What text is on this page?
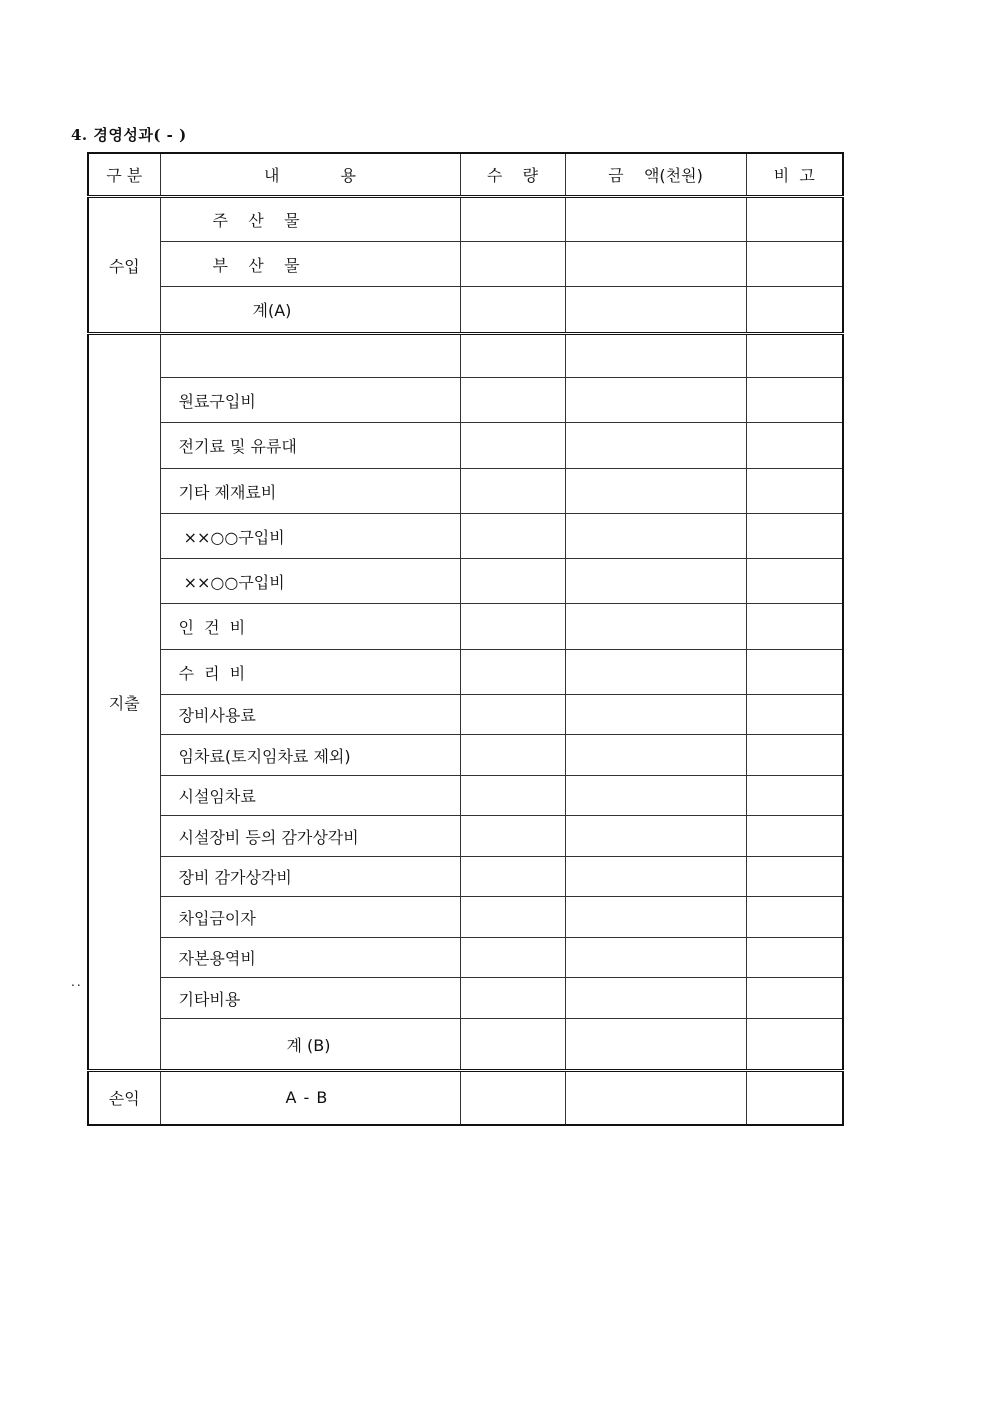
4. 경영성과( - )
구 분	내            용	수    량	금    액(천원)	비  고
수입	주    산    물			
	부    산    물			
	계(A)			
지출				
	원료구입비			
	전기료 및 유류대			
	기타 제재료비			
	××○○구입비			
	××○○구입비			
	인  건  비			
	수  리  비			
	장비사용료			
	임차료(토지임차료 제외)			
	시설임차료			
	시설장비 등의 감가상각비			
	장비 감가상각비			
	차입금이자			
	자본용역비			
	기타비용			
	계 (B)			
손익	A - B			
..
